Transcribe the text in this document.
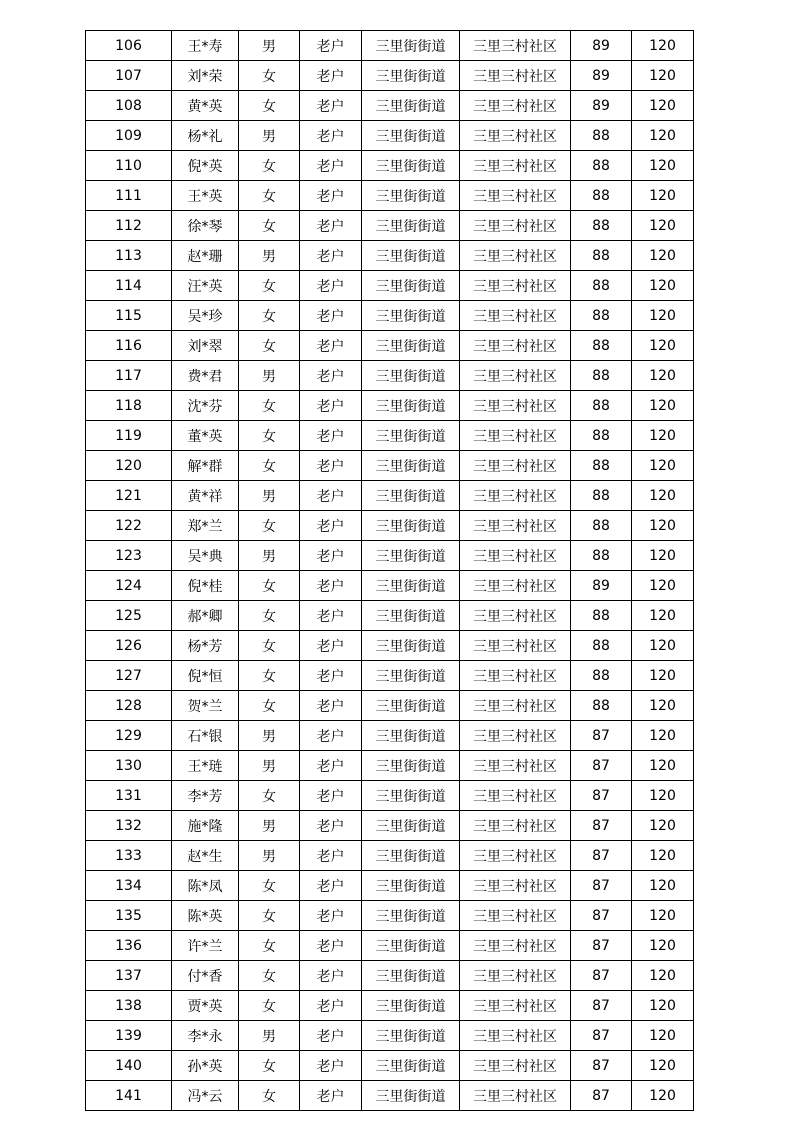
106	王*寿	男	老户	三里街街道	三里三村社区	89	120
107	刘*荣	女	老户	三里街街道	三里三村社区	89	120
108	黄*英	女	老户	三里街街道	三里三村社区	89	120
109	杨*礼	男	老户	三里街街道	三里三村社区	88	120
110	倪*英	女	老户	三里街街道	三里三村社区	88	120
111	王*英	女	老户	三里街街道	三里三村社区	88	120
112	徐*琴	女	老户	三里街街道	三里三村社区	88	120
113	赵*珊	男	老户	三里街街道	三里三村社区	88	120
114	汪*英	女	老户	三里街街道	三里三村社区	88	120
115	吴*珍	女	老户	三里街街道	三里三村社区	88	120
116	刘*翠	女	老户	三里街街道	三里三村社区	88	120
117	费*君	男	老户	三里街街道	三里三村社区	88	120
118	沈*芬	女	老户	三里街街道	三里三村社区	88	120
119	董*英	女	老户	三里街街道	三里三村社区	88	120
120	解*群	女	老户	三里街街道	三里三村社区	88	120
121	黄*祥	男	老户	三里街街道	三里三村社区	88	120
122	郑*兰	女	老户	三里街街道	三里三村社区	88	120
123	吴*典	男	老户	三里街街道	三里三村社区	88	120
124	倪*桂	女	老户	三里街街道	三里三村社区	89	120
125	郝*卿	女	老户	三里街街道	三里三村社区	88	120
126	杨*芳	女	老户	三里街街道	三里三村社区	88	120
127	倪*恒	女	老户	三里街街道	三里三村社区	88	120
128	贺*兰	女	老户	三里街街道	三里三村社区	88	120
129	石*银	男	老户	三里街街道	三里三村社区	87	120
130	王*琏	男	老户	三里街街道	三里三村社区	87	120
131	李*芳	女	老户	三里街街道	三里三村社区	87	120
132	施*隆	男	老户	三里街街道	三里三村社区	87	120
133	赵*生	男	老户	三里街街道	三里三村社区	87	120
134	陈*凤	女	老户	三里街街道	三里三村社区	87	120
135	陈*英	女	老户	三里街街道	三里三村社区	87	120
136	许*兰	女	老户	三里街街道	三里三村社区	87	120
137	付*香	女	老户	三里街街道	三里三村社区	87	120
138	贾*英	女	老户	三里街街道	三里三村社区	87	120
139	李*永	男	老户	三里街街道	三里三村社区	87	120
140	孙*英	女	老户	三里街街道	三里三村社区	87	120
141	冯*云	女	老户	三里街街道	三里三村社区	87	120
